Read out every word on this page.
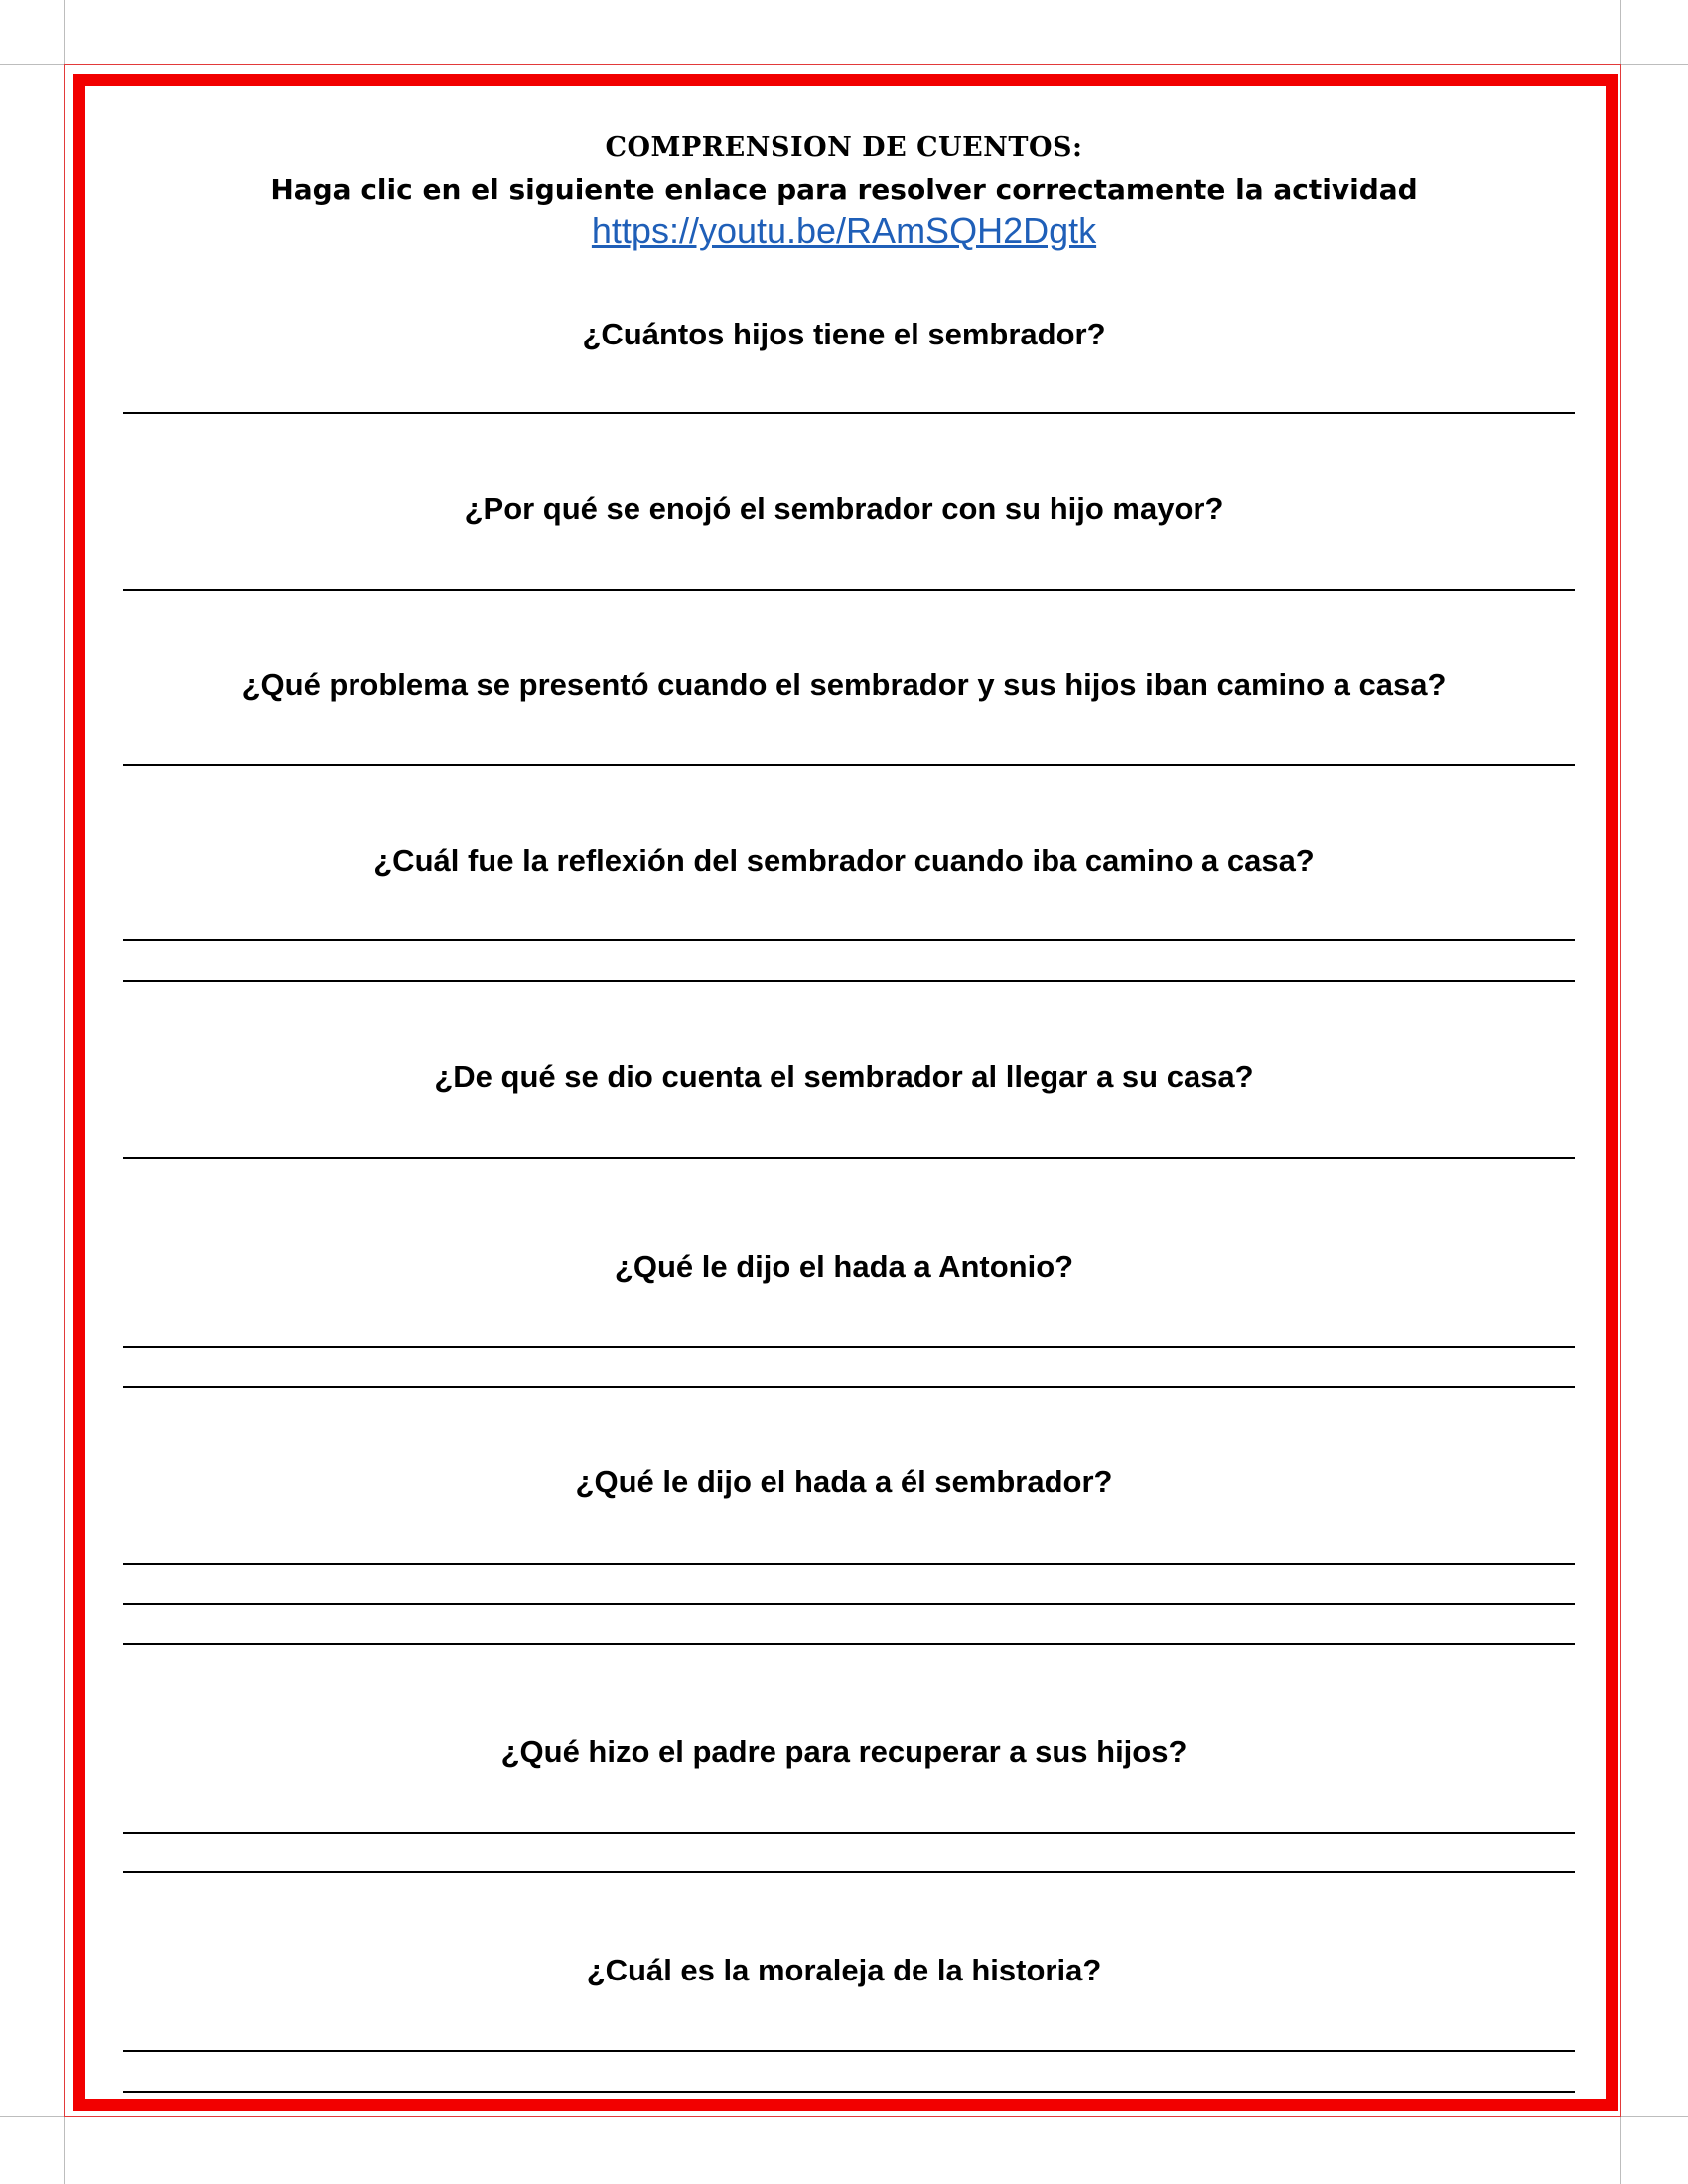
COMPRENSION DE CUENTOS:
Haga clic en el siguiente enlace para resolver correctamente la actividad
https://youtu.be/RAmSQH2Dgtk
¿Cuántos hijos tiene el sembrador?
¿Por qué se enojó el sembrador con su hijo mayor?
¿Qué problema se presentó cuando el sembrador y sus hijos iban camino a casa?
¿Cuál fue la reflexión del sembrador cuando iba camino a casa?
¿De qué se dio cuenta el sembrador al llegar a su casa?
¿Qué le dijo el hada a Antonio?
¿Qué le dijo el hada a él sembrador?
¿Qué hizo el padre para recuperar a sus hijos?
¿Cuál es la moraleja de la historia?
